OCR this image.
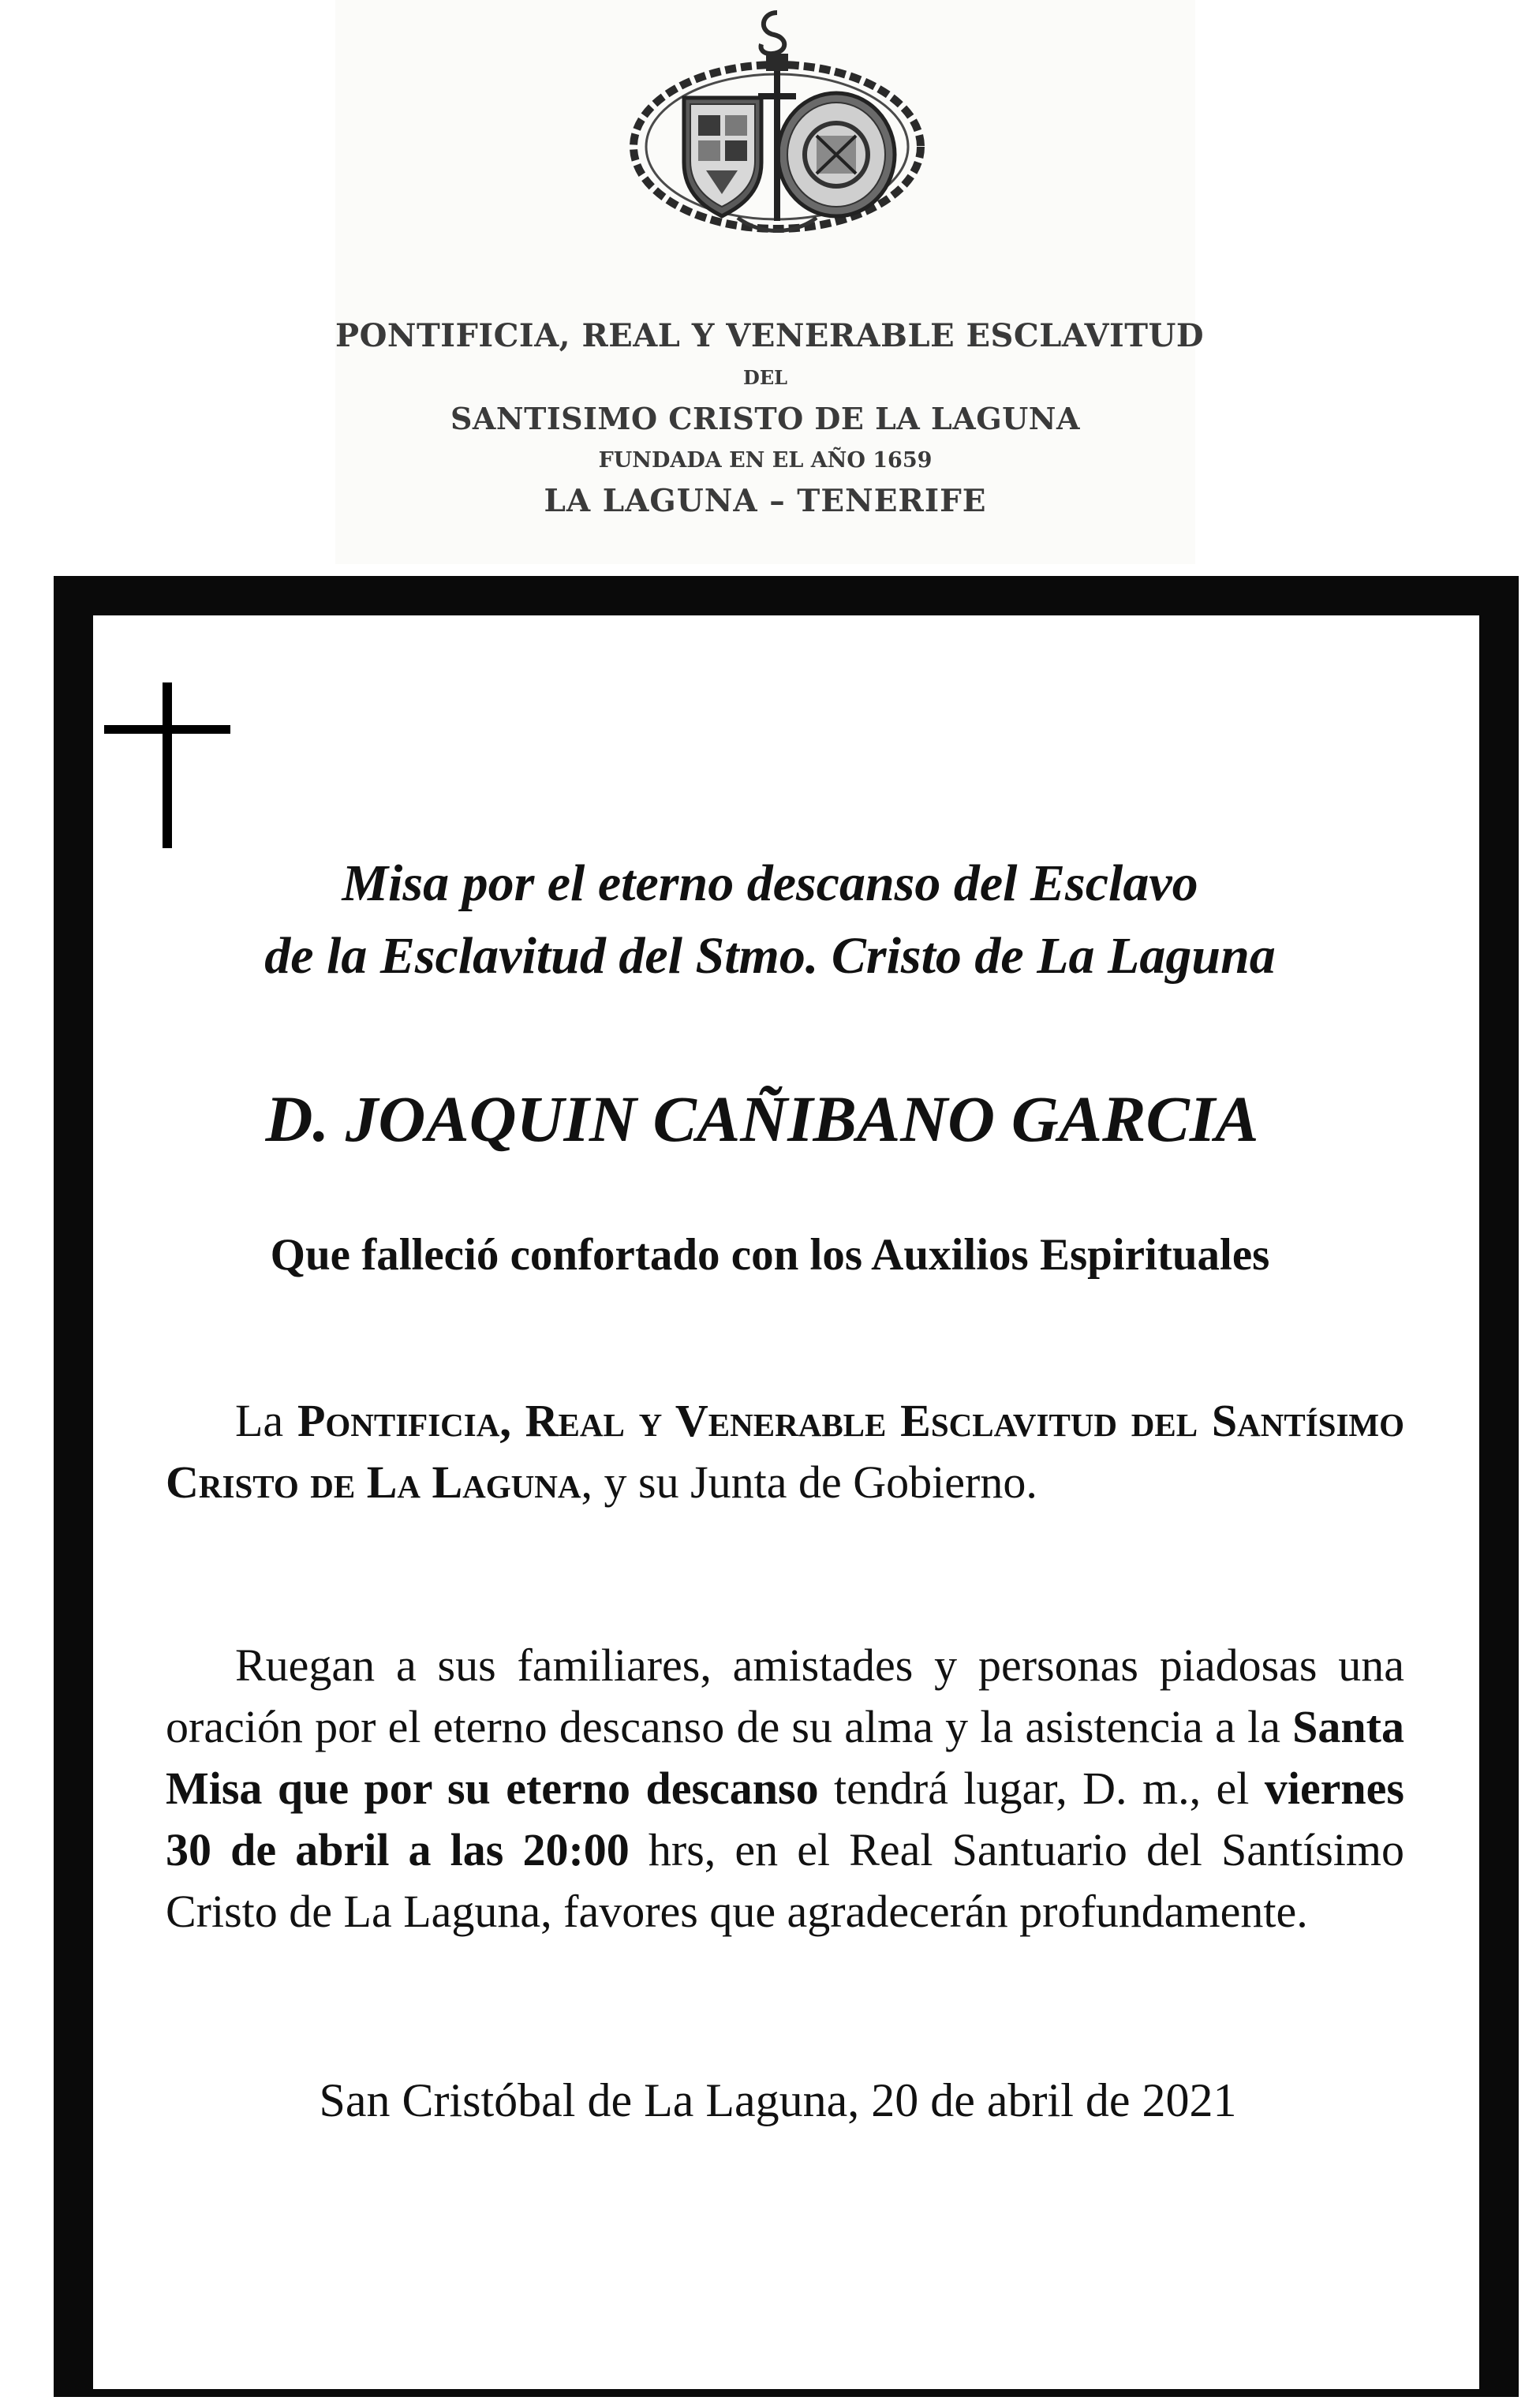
PONTIFICIA, REAL Y VENERABLE ESCLAVITUD
DEL
SANTISIMO CRISTO DE LA LAGUNA
FUNDADA EN EL AÑO 1659
LA LAGUNA – TENERIFE
Misa por el eterno descanso del Esclavo
de la Esclavitud del Stmo. Cristo de La Laguna
D. JOAQUIN CAÑIBANO GARCIA
Que falleció confortado con los Auxilios Espirituales
La Pontificia, Real y Venerable Esclavitud del Santísimo Cristo de La Laguna, y su Junta de Gobierno.
Ruegan a sus familiares, amistades y personas piadosas una oración por el eterno descanso de su alma y la asistencia a la Santa Misa que por su eterno descanso tendrá lugar, D. m., el viernes 30 de abril a las 20:00 hrs, en el Real Santuario del Santísimo Cristo de La Laguna, favores que agradecerán profundamente.
San Cristóbal de La Laguna, 20 de abril de 2021
